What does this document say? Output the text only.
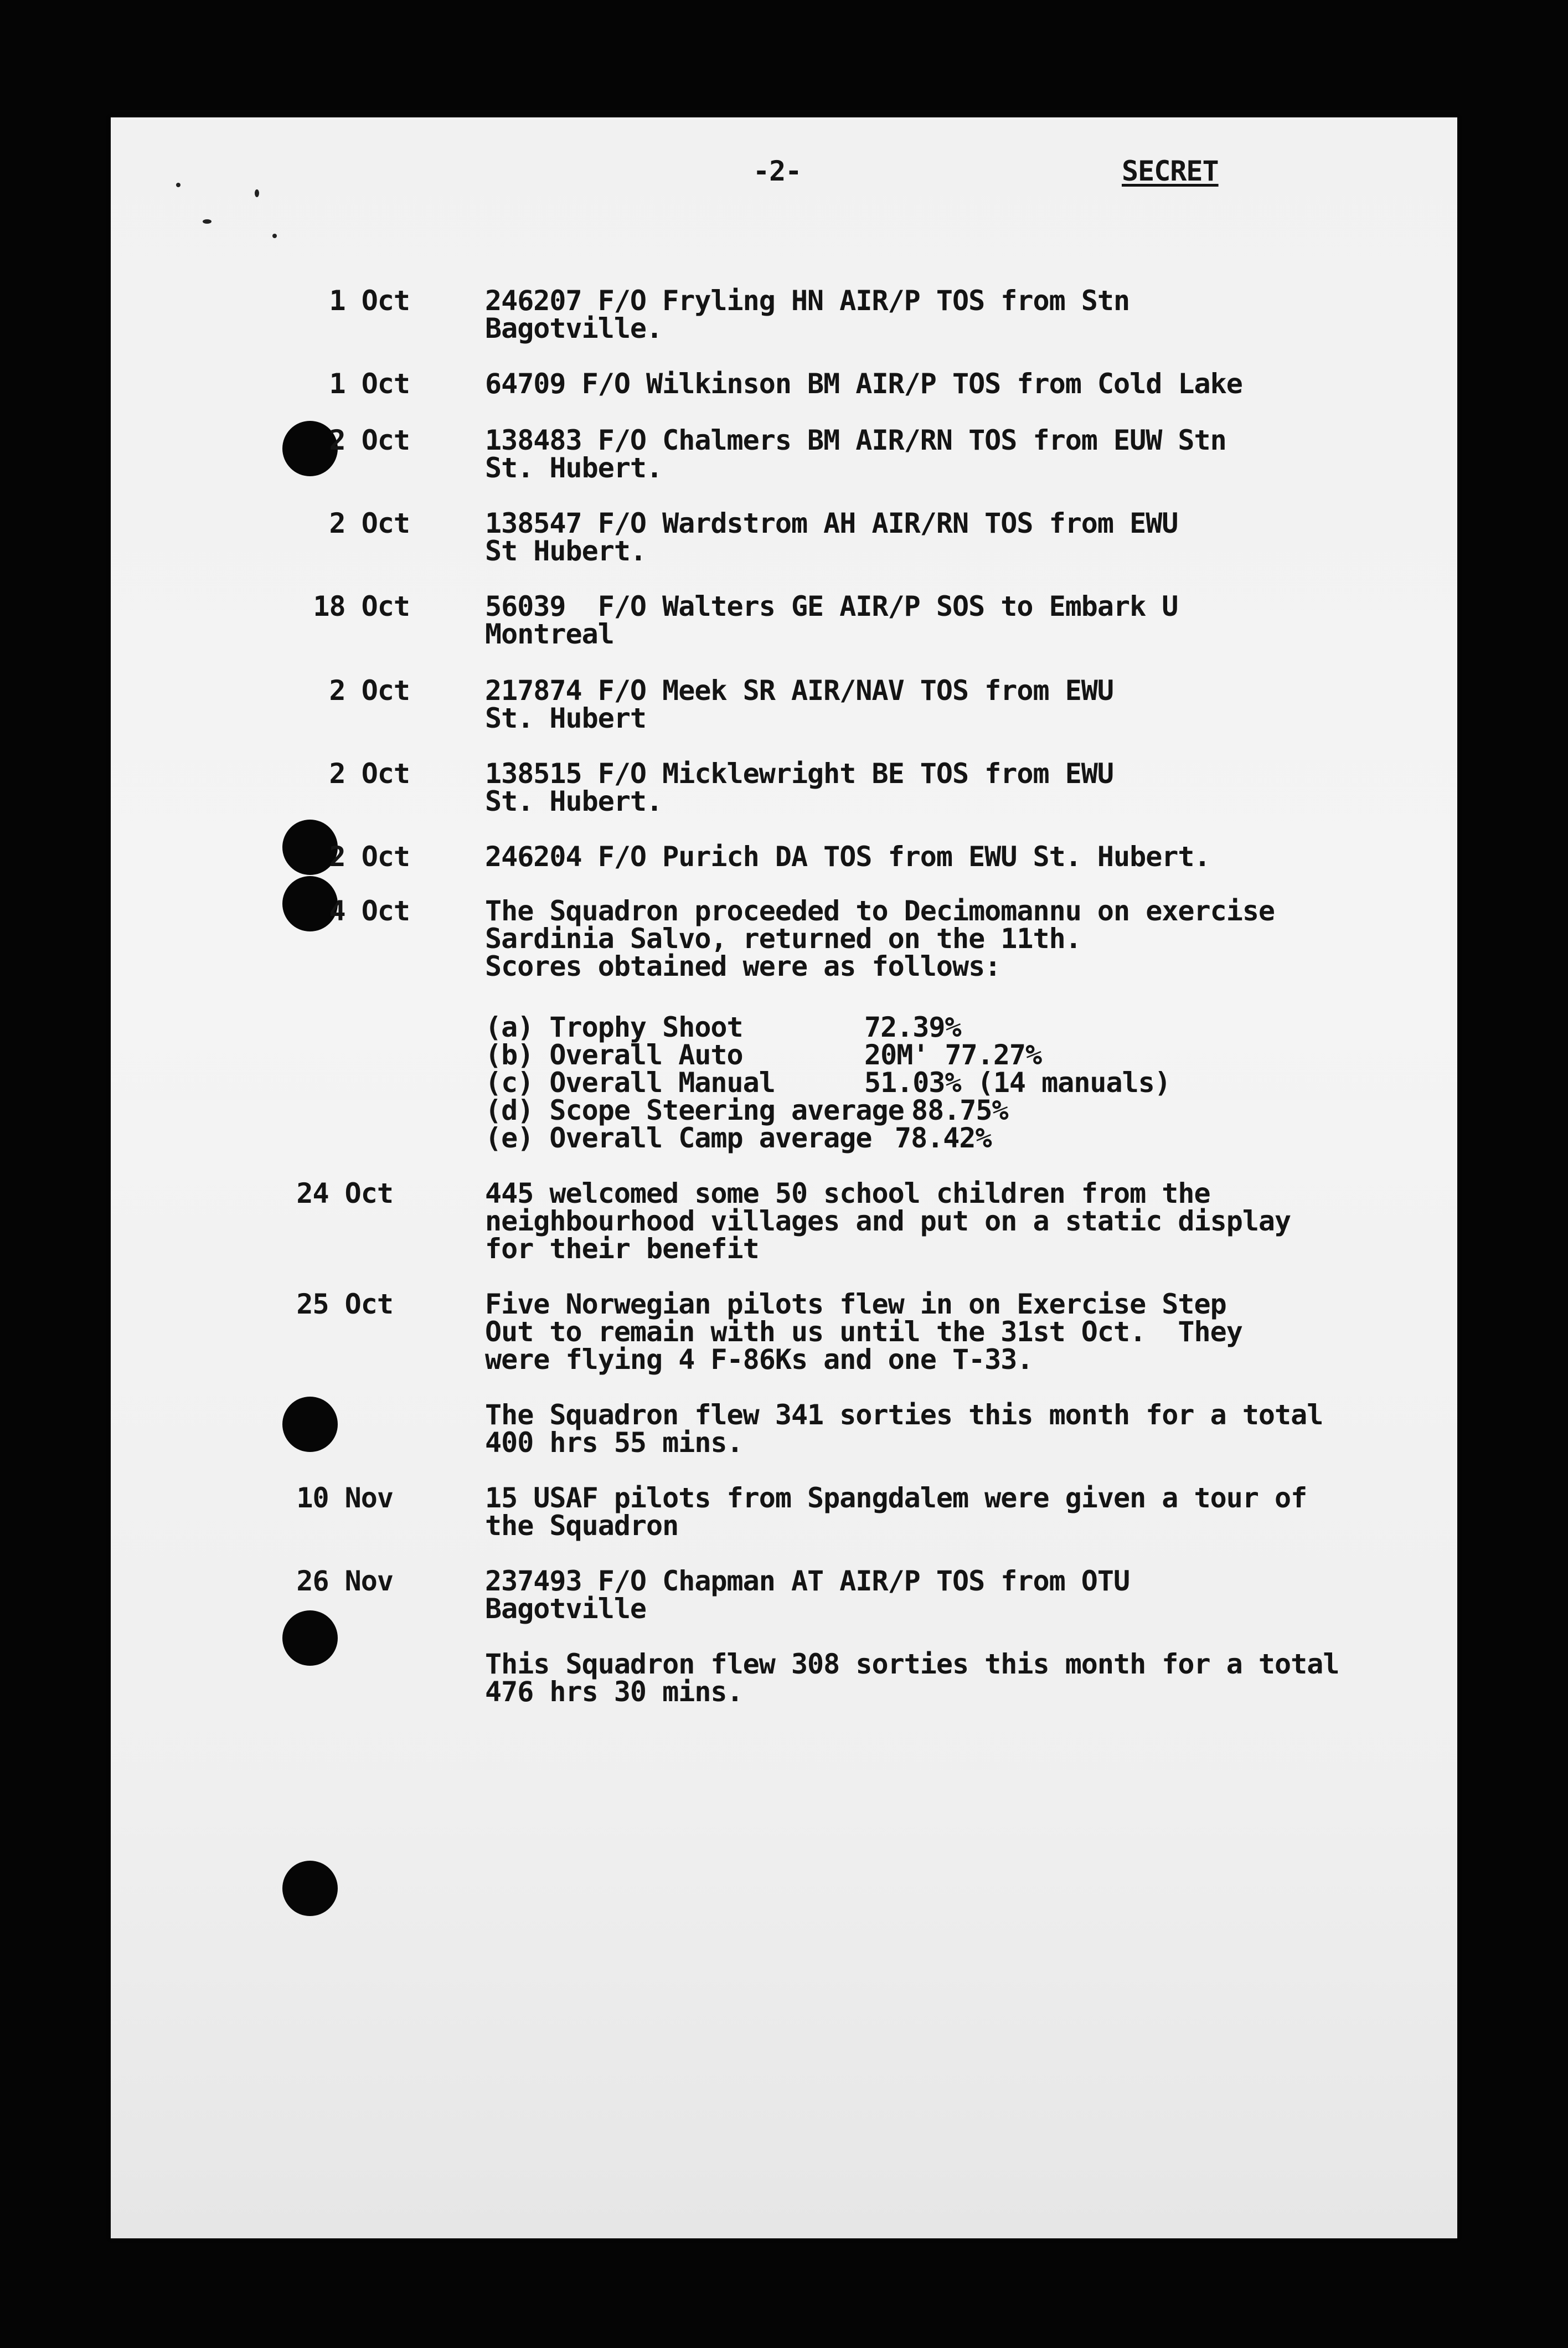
-2-	SECRET
1 Oct	246207 F/O Fryling HN AIR/P TOS from Stn
Bagotville.
1 Oct	64709 F/O Wilkinson BM AIR/P TOS from Cold Lake
2 Oct	138483 F/O Chalmers BM AIR/RN TOS from EUW Stn
St. Hubert.
2 Oct	138547 F/O Wardstrom AH AIR/RN TOS from EWU
St Hubert.
18 Oct	56039  F/O Walters GE AIR/P SOS to Embark U
Montreal
2 Oct	217874 F/O Meek SR AIR/NAV TOS from EWU
St. Hubert
2 Oct	138515 F/O Micklewright BE TOS from EWU
St. Hubert.
2 Oct	246204 F/O Purich DA TOS from EWU St. Hubert.
4 Oct	The Squadron proceeded to Decimomannu on exercise
Sardinia Salvo, returned on the 11th.
Scores obtained were as follows:
(a) Trophy Shoot	72.39%
(b) Overall Auto	20M' 77.27%
(c) Overall Manual	51.03% (14 manuals)
(d) Scope Steering average 88.75%
(e) Overall Camp average 78.42%
24 Oct	445 welcomed some 50 school children from the
neighbourhood villages and put on a static display
for their benefit
25 Oct	Five Norwegian pilots flew in on Exercise Step
Out to remain with us until the 31st Oct.  They
were flying 4 F-86Ks and one T-33.
The Squadron flew 341 sorties this month for a total
400 hrs 55 mins.
10 Nov	15 USAF pilots from Spangdalem were given a tour of
the Squadron
26 Nov	237493 F/O Chapman AT AIR/P TOS from OTU
Bagotville
This Squadron flew 308 sorties this month for a total
476 hrs 30 mins.
